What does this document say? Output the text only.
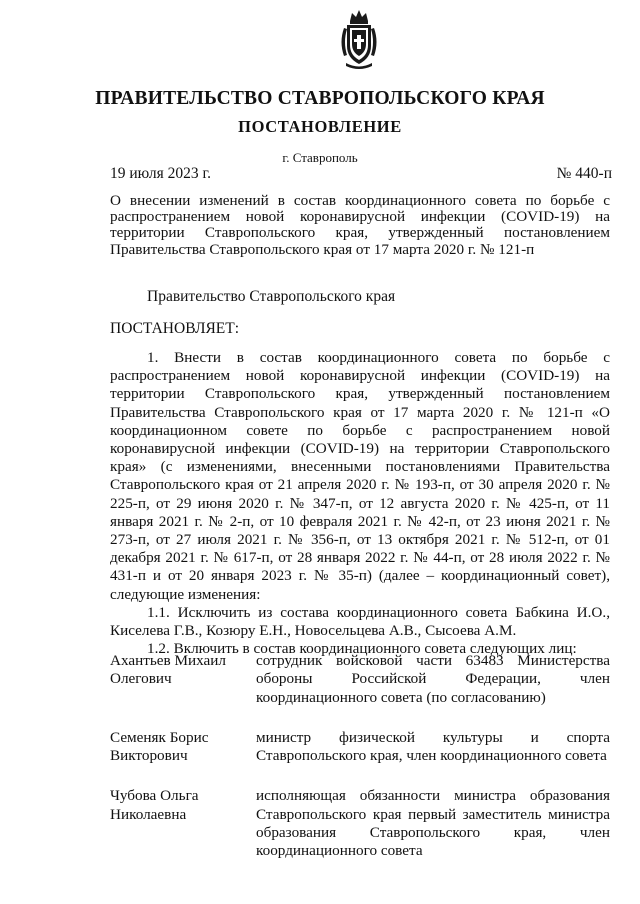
ПРАВИТЕЛЬСТВО СТАВРОПОЛЬСКОГО КРАЯ
ПОСТАНОВЛЕНИЕ
г. Ставрополь
19 июля 2023 г.	№ 440-п

О внесении изменений в состав координационного совета по борьбе с распространением новой коронавирусной инфекции (COVID-19) на территории Ставропольского края, утвержденный постановлением Правительства Ставропольского края от 17 марта 2020 г. № 121-п

Правительство Ставропольского края

ПОСТАНОВЛЯЕТ:

1. Внести в состав координационного совета по борьбе с распространением новой коронавирусной инфекции (COVID-19) на территории Ставропольского края, утвержденный постановлением Правительства Ставропольского края от 17 марта 2020 г. № 121-п «О координационном совете по борьбе с распространением новой коронавирусной инфекции (COVID-19) на территории Ставропольского края» (с изменениями, внесенными постановлениями Правительства Ставропольского края от 21 апреля 2020 г. № 193-п, от 30 апреля 2020 г. № 225-п, от 29 июня 2020 г. № 347-п, от 12 августа 2020 г. № 425-п, от 11 января 2021 г. № 2-п, от 10 февраля 2021 г. № 42-п, от 23 июня 2021 г. № 273-п, от 27 июля 2021 г. № 356-п, от 13 октября 2021 г. № 512-п, от 01 декабря 2021 г. № 617-п, от 28 января 2022 г. № 44-п, от 28 июля 2022 г. № 431-п и от 20 января 2023 г. № 35-п) (далее – координационный совет), следующие изменения:

1.1. Исключить из состава координационного совета Бабкина И.О., Киселева Г.В., Козюру Е.Н., Новосельцева А.В., Сысоева А.М.

1.2. Включить в состав координационного совета следующих лиц:

Ахантьев Михаил Олегович
сотрудник войсковой части 63483 Министерства обороны Российской Федерации, член координационного совета (по согласованию)
Семеняк Борис Викторович
министр физической культуры и спорта Ставропольского края, член координационного совета
Чубова Ольга Николаевна
исполняющая обязанности министра образования Ставропольского края первый заместитель министра образования Ставропольского края, член координационного совета
